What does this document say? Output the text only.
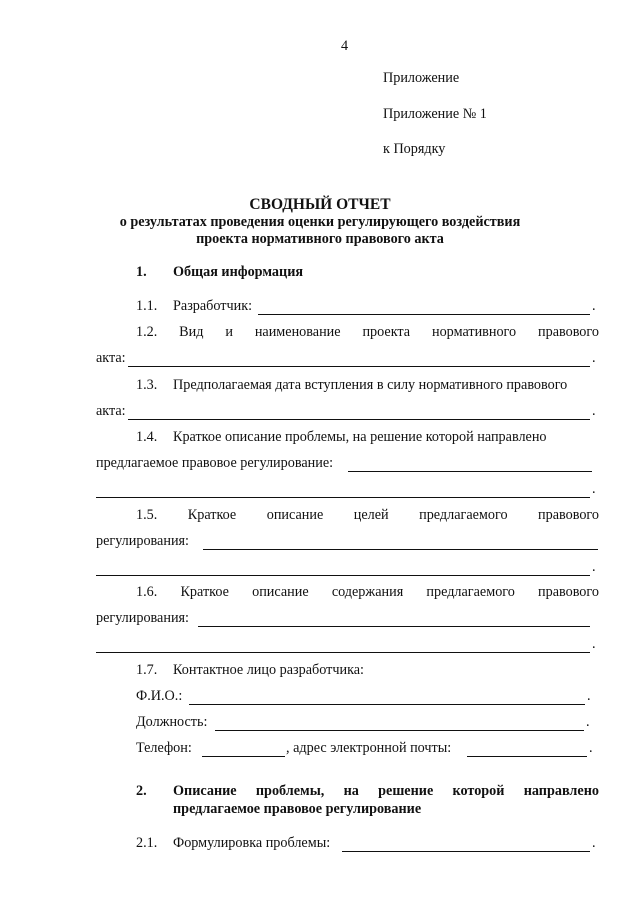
4
Приложение
Приложение № 1
к Порядку
СВОДНЫЙ ОТЧЕТ
о результатах проведения оценки регулирующего воздействия
проекта нормативного правового акта
1. Общая информация
1.1. Разработчик:	.
1.2. Вид и наименование проекта нормативного правового
акта:	.
1.3. Предполагаемая дата вступления в силу нормативного правового
акта:	.
1.4. Краткое описание проблемы, на решение которой направлено
предлагаемое правовое регулирование:
.
1.5. Краткое описание целей предлагаемого правового
регулирования:
.
1.6. Краткое описание содержания предлагаемого правового
регулирования:
.
1.7. Контактное лицо разработчика:
Ф.И.О.:	.
Должность:	.
Телефон:	, адрес электронной почты:	.
2. Описание проблемы, на решение которой направлено
предлагаемое правовое регулирование
2.1. Формулировка проблемы:	.
